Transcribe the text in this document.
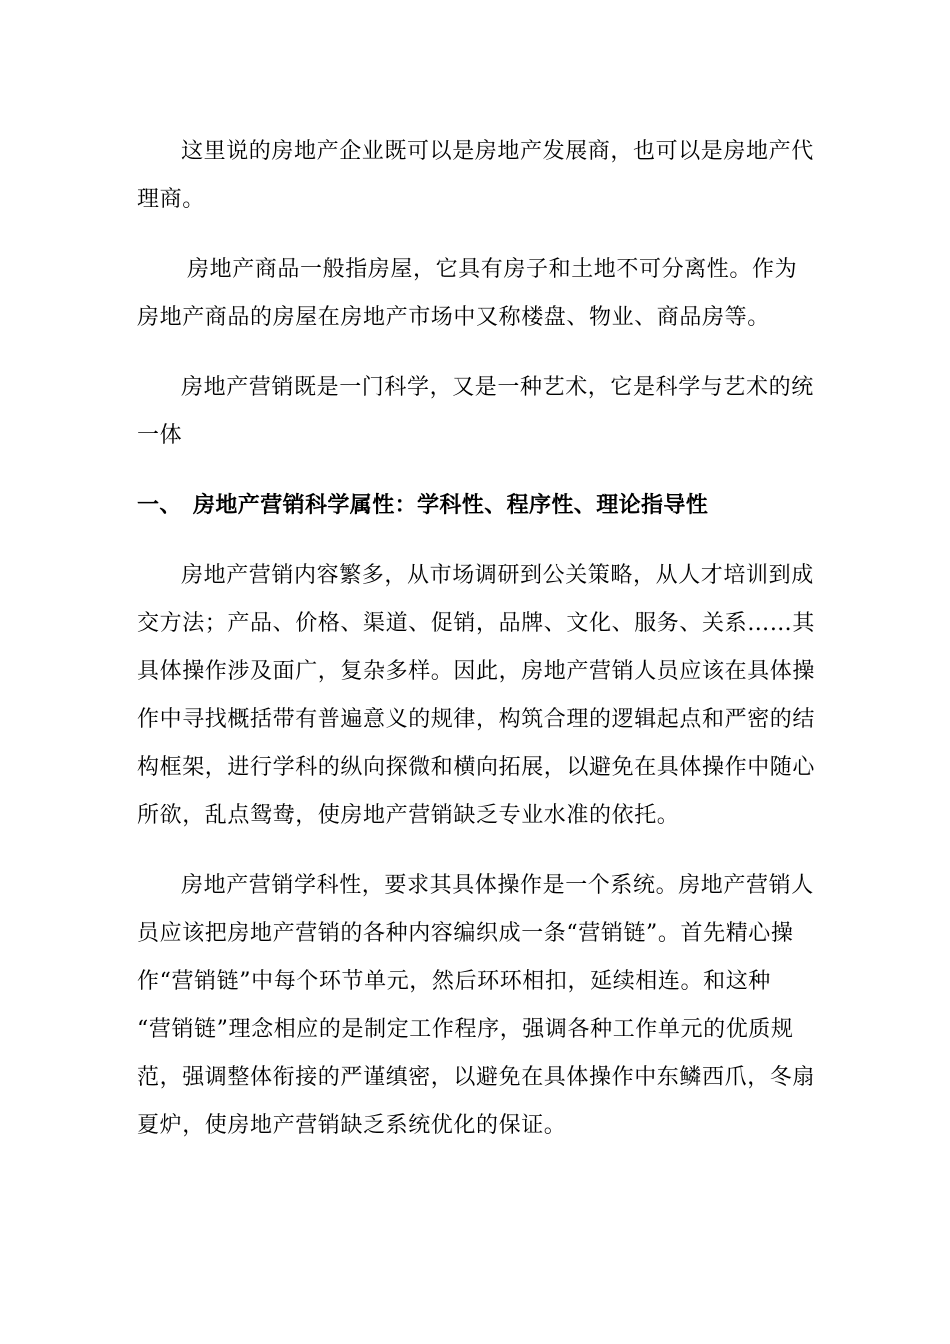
这里说的房地产企业既可以是房地产发展商，也可以是房地产代
理商。

房地产商品一般指房屋，它具有房子和土地不可分离性。作为
房地产商品的房屋在房地产市场中又称楼盘、物业、商品房等。

房地产营销既是一门科学，又是一种艺术，它是科学与艺术的统
一体

一、 房地产营销科学属性：学科性、程序性、理论指导性

房地产营销内容繁多，从市场调研到公关策略，从人才培训到成
交方法；产品、价格、渠道、促销，品牌、文化、服务、关系……其
具体操作涉及面广，复杂多样。因此，房地产营销人员应该在具体操
作中寻找概括带有普遍意义的规律，构筑合理的逻辑起点和严密的结
构框架，进行学科的纵向探微和横向拓展，以避免在具体操作中随心
所欲，乱点鸳鸯，使房地产营销缺乏专业水准的依托。

房地产营销学科性，要求其具体操作是一个系统。房地产营销人
员应该把房地产营销的各种内容编织成一条“营销链”。首先精心操
作“营销链”中每个环节单元，然后环环相扣，延续相连。和这种
“营销链”理念相应的是制定工作程序，强调各种工作单元的优质规
范，强调整体衔接的严谨缜密，以避免在具体操作中东鳞西爪，冬扇
夏炉，使房地产营销缺乏系统优化的保证。
